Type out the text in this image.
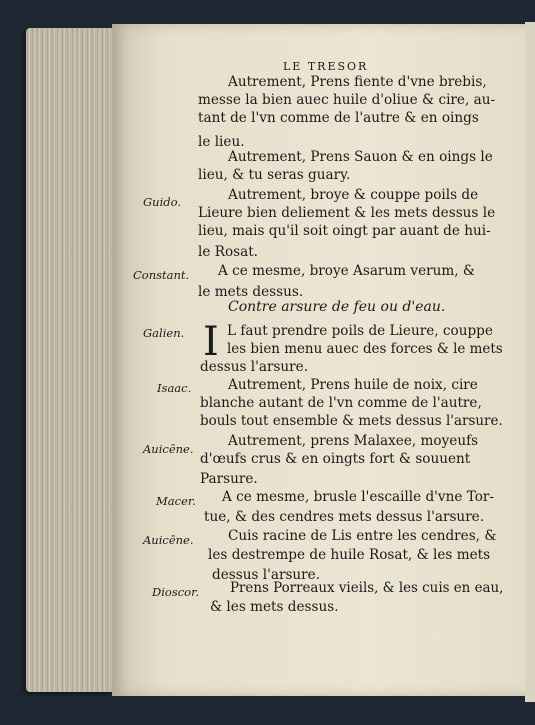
LE TRESOR
Autrement, Prens fiente d'vne brebis,
messe la bien auec huile d'oliue & cire, au-
tant de l'vn comme de l'autre & en oings
le lieu.
Autrement, Prens Sauon & en oings le
lieu, & tu seras guary.
Autrement, broye & couppe poils de
Lieure bien deliement & les mets dessus le
lieu, mais qu'il soit oingt par auant de hui-
le Rosat.
A ce mesme, broye Asarum verum, &
le mets dessus.
Contre arsure de feu ou d'eau.
I L faut prendre poils de Lieure, couppe
les bien menu auec des forces & le mets
dessus l'arsure.
Autrement, Prens huile de noix, cire
blanche autant de l'vn comme de l'autre,
bouls tout ensemble & mets dessus l'arsure.
Autrement, prens Malaxee, moyeufs
d'œufs crus & en oingts fort & souuent
Parsure.
A ce mesme, brusle l'escaille d'vne Tor-
tue, & des cendres mets dessus l'arsure.
Cuis racine de Lis entre les cendres, &
les destrempe de huile Rosat, & les mets
dessus l'arsure.
Prens Porreaux vieils, & les cuis en eau,
& les mets dessus.
Guido.
Constant.
Galien.
Isaac.
Auicēne.
Macer.
Auicēne.
Dioscor.
